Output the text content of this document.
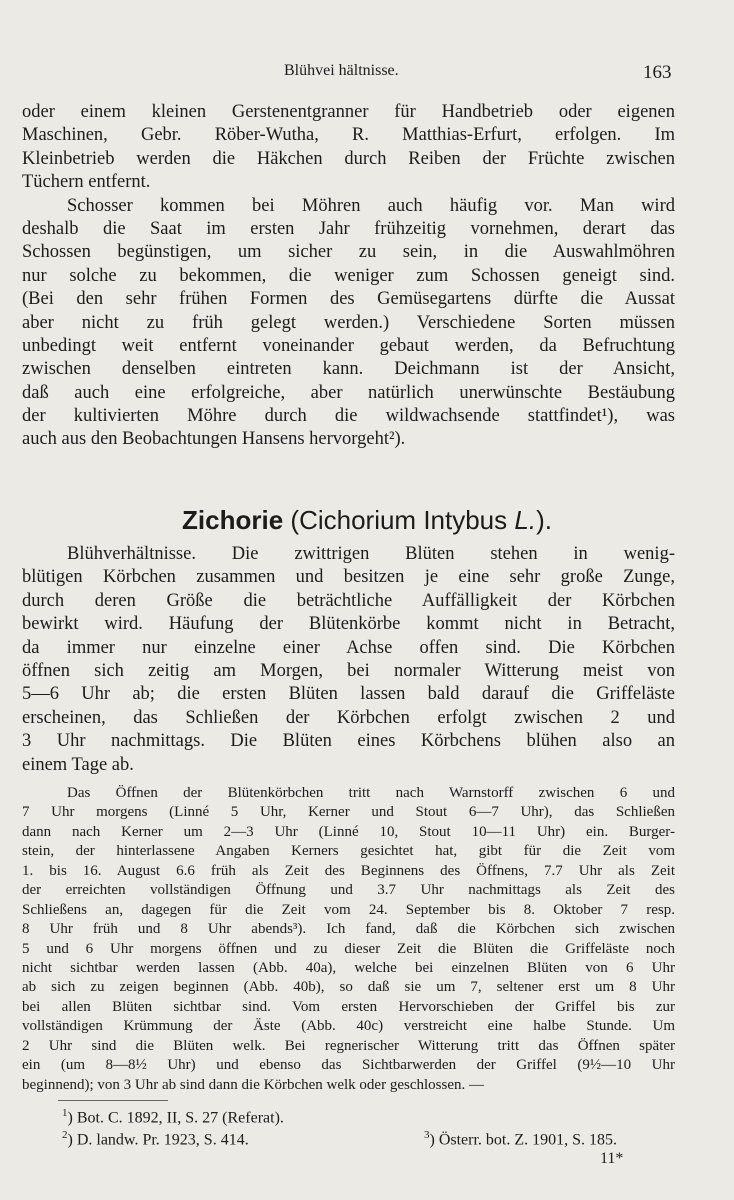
Blühvei hältnisse.	163
oder einem kleinen Gerstenentgranner für Handbetrieb oder eigenen
Maschinen, Gebr. Röber-Wutha, R. Matthias-Erfurt, erfolgen. Im
Kleinbetrieb werden die Häkchen durch Reiben der Früchte zwischen
Tüchern entfernt.
Schosser kommen bei Möhren auch häufig vor. Man wird
deshalb die Saat im ersten Jahr frühzeitig vornehmen, derart das
Schossen begünstigen, um sicher zu sein, in die Auswahlmöhren
nur solche zu bekommen, die weniger zum Schossen geneigt sind.
(Bei den sehr frühen Formen des Gemüsegartens dürfte die Aussat
aber nicht zu früh gelegt werden.) Verschiedene Sorten müssen
unbedingt weit entfernt voneinander gebaut werden, da Befruchtung
zwischen denselben eintreten kann. Deichmann ist der Ansicht,
daß auch eine erfolgreiche, aber natürlich unerwünschte Bestäubung
der kultivierten Möhre durch die wildwachsende stattfindet¹), was
auch aus den Beobachtungen Hansens hervorgeht²).
Zichorie (Cichorium Intybus L.).
Blühverhältnisse. Die zwittrigen Blüten stehen in wenig-
blütigen Körbchen zusammen und besitzen je eine sehr große Zunge,
durch deren Größe die beträchtliche Auffälligkeit der Körbchen
bewirkt wird. Häufung der Blütenkörbe kommt nicht in Betracht,
da immer nur einzelne einer Achse offen sind. Die Körbchen
öffnen sich zeitig am Morgen, bei normaler Witterung meist von
5—6 Uhr ab; die ersten Blüten lassen bald darauf die Griffeläste
erscheinen, das Schließen der Körbchen erfolgt zwischen 2 und
3 Uhr nachmittags. Die Blüten eines Körbchens blühen also an
einem Tage ab.
Das Öffnen der Blütenkörbchen tritt nach Warnstorff zwischen 6 und
7 Uhr morgens (Linné 5 Uhr, Kerner und Stout 6—7 Uhr), das Schließen
dann nach Kerner um 2—3 Uhr (Linné 10, Stout 10—11 Uhr) ein. Burger-
stein, der hinterlassene Angaben Kerners gesichtet hat, gibt für die Zeit vom
1. bis 16. August 6.6 früh als Zeit des Beginnens des Öffnens, 7.7 Uhr als Zeit
der erreichten vollständigen Öffnung und 3.7 Uhr nachmittags als Zeit des
Schließens an, dagegen für die Zeit vom 24. September bis 8. Oktober 7 resp.
8 Uhr früh und 8 Uhr abends³). Ich fand, daß die Körbchen sich zwischen
5 und 6 Uhr morgens öffnen und zu dieser Zeit die Blüten die Griffeläste noch
nicht sichtbar werden lassen (Abb. 40a), welche bei einzelnen Blüten von 6 Uhr
ab sich zu zeigen beginnen (Abb. 40b), so daß sie um 7, seltener erst um 8 Uhr
bei allen Blüten sichtbar sind. Vom ersten Hervorschieben der Griffel bis zur
vollständigen Krümmung der Äste (Abb. 40c) verstreicht eine halbe Stunde. Um
2 Uhr sind die Blüten welk. Bei regnerischer Witterung tritt das Öffnen später
ein (um 8—8½ Uhr) und ebenso das Sichtbarwerden der Griffel (9½—10 Uhr
beginnend); von 3 Uhr ab sind dann die Körbchen welk oder geschlossen. —
$^1$) Bot. C. 1892, II, S. 27 (Referat).
$^2$) D. landw. Pr. 1923, S. 414.	$^3$) Österr. bot. Z. 1901, S. 185.
11*
